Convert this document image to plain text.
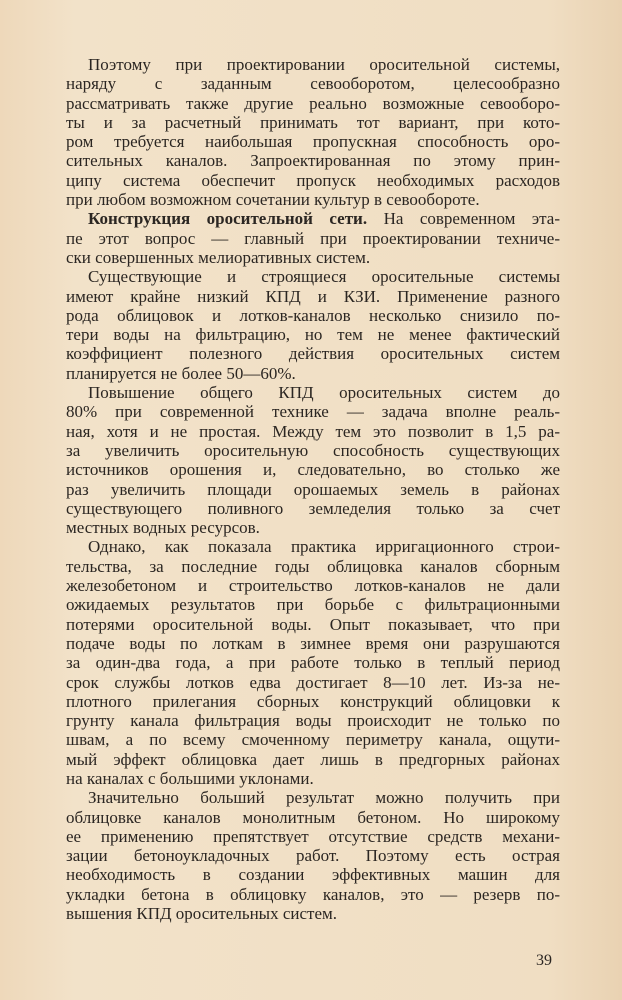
Поэтому при проектировании оросительной системы,
наряду с заданным севооборотом, целесообразно
рассматривать также другие реально возможные севооборо-
ты и за расчетный принимать тот вариант, при кото-
ром требуется наибольшая пропускная способность оро-
сительных каналов. Запроектированная по этому прин-
ципу система обеспечит пропуск необходимых расходов
при любом возможном сочетании культур в севообороте.

Конструкция оросительной сети. На современном эта-
пе этот вопрос — главный при проектировании техниче-
ски совершенных мелиоративных систем.

Существующие и строящиеся оросительные системы
имеют крайне низкий КПД и КЗИ. Применение разного
рода облицовок и лотков-каналов несколько снизило по-
тери воды на фильтрацию, но тем не менее фактический
коэффициент полезного действия оросительных систем
планируется не более 50—60%.

Повышение общего КПД оросительных систем до
80% при современной технике — задача вполне реаль-
ная, хотя и не простая. Между тем это позволит в 1,5 ра-
за увеличить оросительную способность существующих
источников орошения и, следовательно, во столько же
раз увеличить площади орошаемых земель в районах
существующего поливного земледелия только за счет
местных водных ресурсов.

Однако, как показала практика ирригационного строи-
тельства, за последние годы облицовка каналов сборным
железобетоном и строительство лотков-каналов не дали
ожидаемых результатов при борьбе с фильтрационными
потерями оросительной воды. Опыт показывает, что при
подаче воды по лоткам в зимнее время они разрушаются
за один-два года, а при работе только в теплый период
срок службы лотков едва достигает 8—10 лет. Из-за не-
плотного прилегания сборных конструкций облицовки к
грунту канала фильтрация воды происходит не только по
швам, а по всему смоченному периметру канала, ощути-
мый эффект облицовка дает лишь в предгорных районах
на каналах с большими уклонами.

Значительно больший результат можно получить при
облицовке каналов монолитным бетоном. Но широкому
ее применению препятствует отсутствие средств механи-
зации бетоноукладочных работ. Поэтому есть острая
необходимость в создании эффективных машин для
укладки бетона в облицовку каналов, это — резерв по-
вышения КПД оросительных систем.

39
